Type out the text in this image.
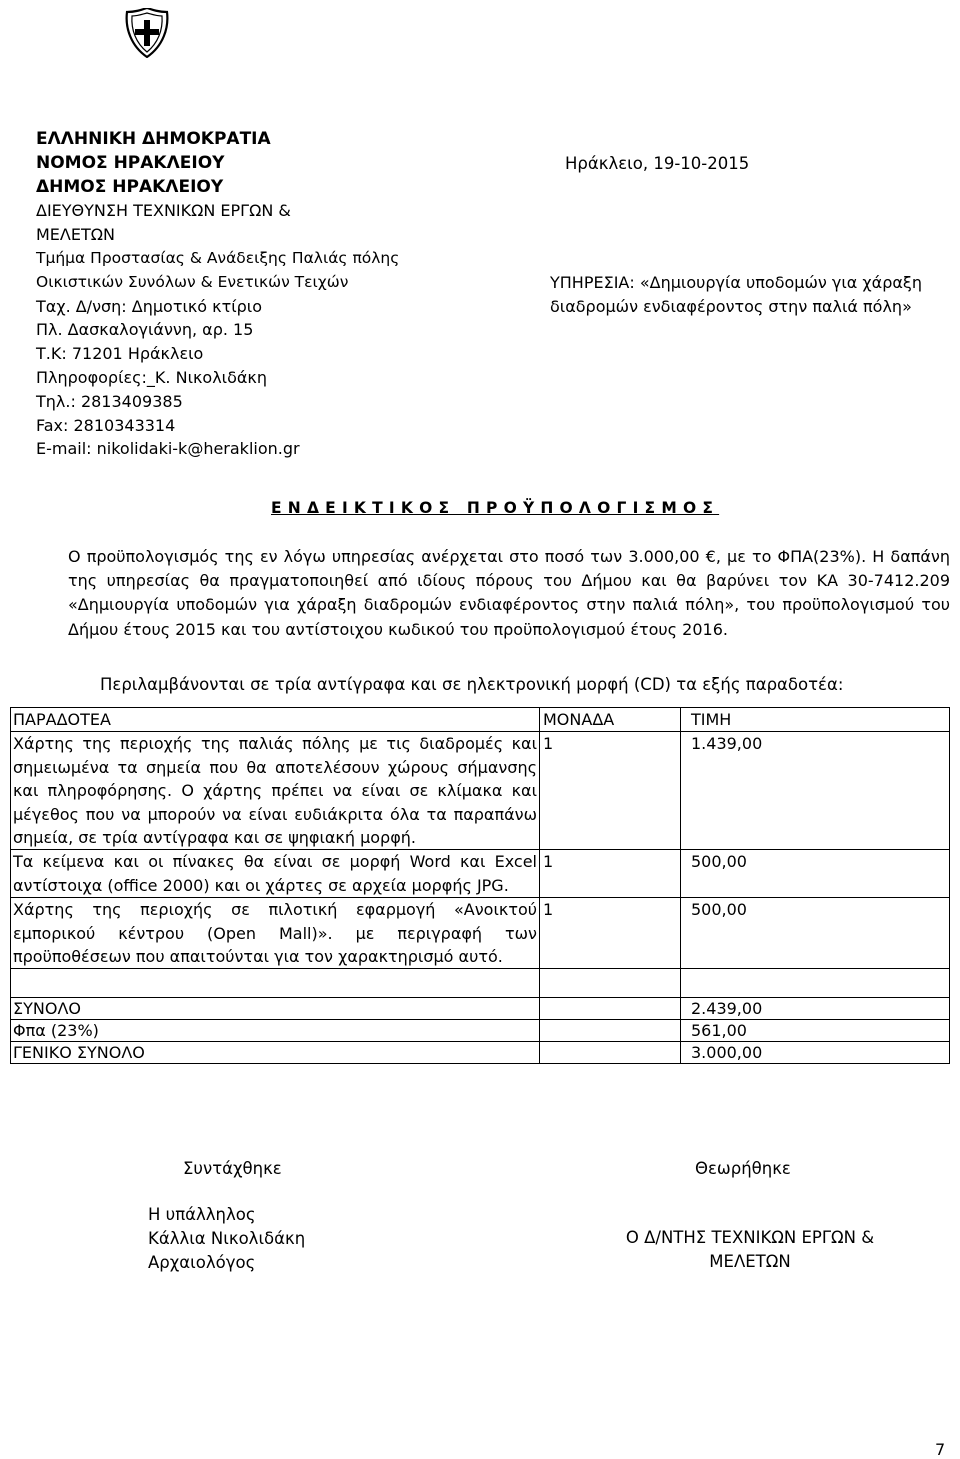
ΕΛΛΗΝΙΚΗ ΔΗΜΟΚΡΑΤΙΑ
ΝΟΜΟΣ ΗΡΑΚΛΕΙΟΥ
ΔΗΜΟΣ ΗΡΑΚΛΕΙΟΥ
ΔΙΕΥΘΥΝΣΗ ΤΕΧΝΙΚΩΝ ΕΡΓΩΝ &
ΜΕΛΕΤΩΝ
Τμήμα Προστασίας & Ανάδειξης Παλιάς πόλης
Οικιστικών Συνόλων & Ενετικών Τειχών
Ταχ. Δ/νση: Δημοτικό κτίριο
Πλ. Δασκαλογιάννη, αρ. 15
Τ.Κ: 71201 Ηράκλειο
Πληροφορίες:_Κ. Νικολιδάκη
Τηλ.: 2813409385
Fax: 2810343314
E-mail: nikolidaki-k@heraklion.gr
Ηράκλειο, 19-10-2015
ΥΠΗΡΕΣΙΑ: «Δημιουργία υποδομών για χάραξη διαδρομών ενδιαφέροντος στην παλιά πόλη»
ΕΝΔΕΙΚΤΙΚΟΣ ΠΡΟΫΠΟΛΟΓΙΣΜΟΣ
Ο προϋπολογισμός της εν λόγω υπηρεσίας ανέρχεται στο ποσό των 3.000,00 €, με το ΦΠΑ(23%). Η δαπάνη της υπηρεσίας θα πραγματοποιηθεί από ιδίους πόρους του Δήμου και θα βαρύνει τον ΚΑ 30-7412.209 «Δημιουργία υποδομών για χάραξη διαδρομών ενδιαφέροντος στην παλιά πόλη», του προϋπολογισμού του Δήμου έτους 2015 και του αντίστοιχου κωδικού του προϋπολογισμού έτους 2016.
Περιλαμβάνονται σε τρία αντίγραφα και σε ηλεκτρονική μορφή (CD) τα εξής παραδοτέα:
ΠΑΡΑΔΟΤΕΑ	ΜΟΝΑΔΑ	ΤΙΜΗ
Χάρτης της περιοχής της παλιάς πόλης με τις διαδρομές και σημειωμένα τα σημεία που θα αποτελέσουν χώρους σήμανσης και πληροφόρησης. Ο χάρτης πρέπει να είναι σε κλίμακα και μέγεθος που να μπορούν να είναι ευδιάκριτα όλα τα παραπάνω σημεία, σε τρία αντίγραφα και σε ψηφιακή μορφή.	1	1.439,00
Τα κείμενα και οι πίνακες θα είναι σε μορφή Word και Excel αντίστοιχα (office 2000) και οι χάρτες σε αρχεία μορφής JPG.	1	500,00
Χάρτης της περιοχής σε πιλοτική εφαρμογή «Ανοικτού εμπορικού κέντρου (Open Mall)». με περιγραφή των προϋποθέσεων που απαιτούνται για τον χαρακτηρισμό αυτό.	1	500,00

ΣΥΝΟΛΟ		2.439,00
Φπα (23%)		561,00
ΓΕΝΙΚΟ ΣΥΝΟΛΟ		3.000,00
Συντάχθηκε	Θεωρήθηκε
Η υπάλληλος
Κάλλια Νικολιδάκη
Αρχαιολόγος
Ο Δ/ΝΤΗΣ ΤΕΧΝΙΚΩΝ ΕΡΓΩΝ &
ΜΕΛΕΤΩΝ
7
